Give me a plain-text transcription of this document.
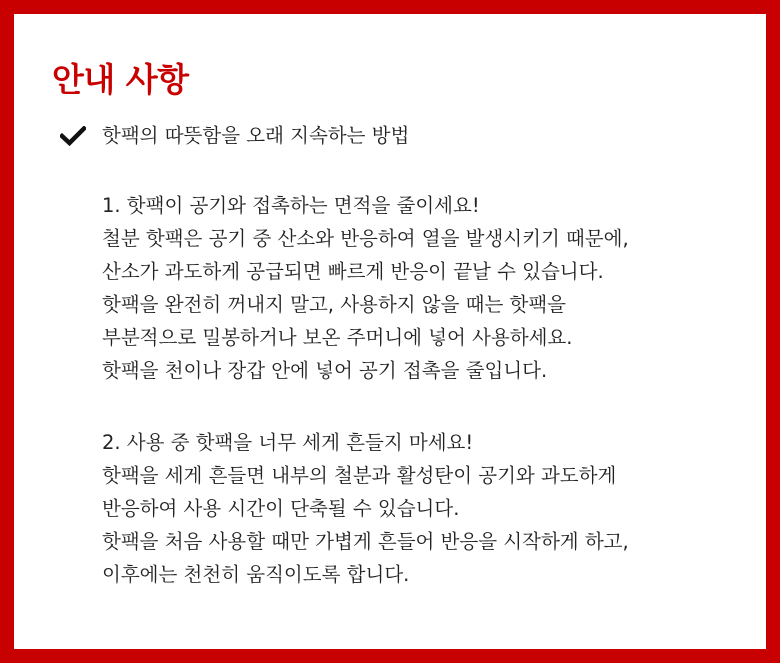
안내 사항
핫팩의 따뜻함을 오래 지속하는 방법
1. 핫팩이 공기와 접촉하는 면적을 줄이세요!
철분 핫팩은 공기 중 산소와 반응하여 열을 발생시키기 때문에,
산소가 과도하게 공급되면 빠르게 반응이 끝날 수 있습니다.
핫팩을 완전히 꺼내지 말고, 사용하지 않을 때는 핫팩을
부분적으로 밀봉하거나 보온 주머니에 넣어 사용하세요.
핫팩을 천이나 장갑 안에 넣어 공기 접촉을 줄입니다.
2. 사용 중 핫팩을 너무 세게 흔들지 마세요!
핫팩을 세게 흔들면 내부의 철분과 활성탄이 공기와 과도하게
반응하여 사용 시간이 단축될 수 있습니다.
핫팩을 처음 사용할 때만 가볍게 흔들어 반응을 시작하게 하고,
이후에는 천천히 움직이도록 합니다.
